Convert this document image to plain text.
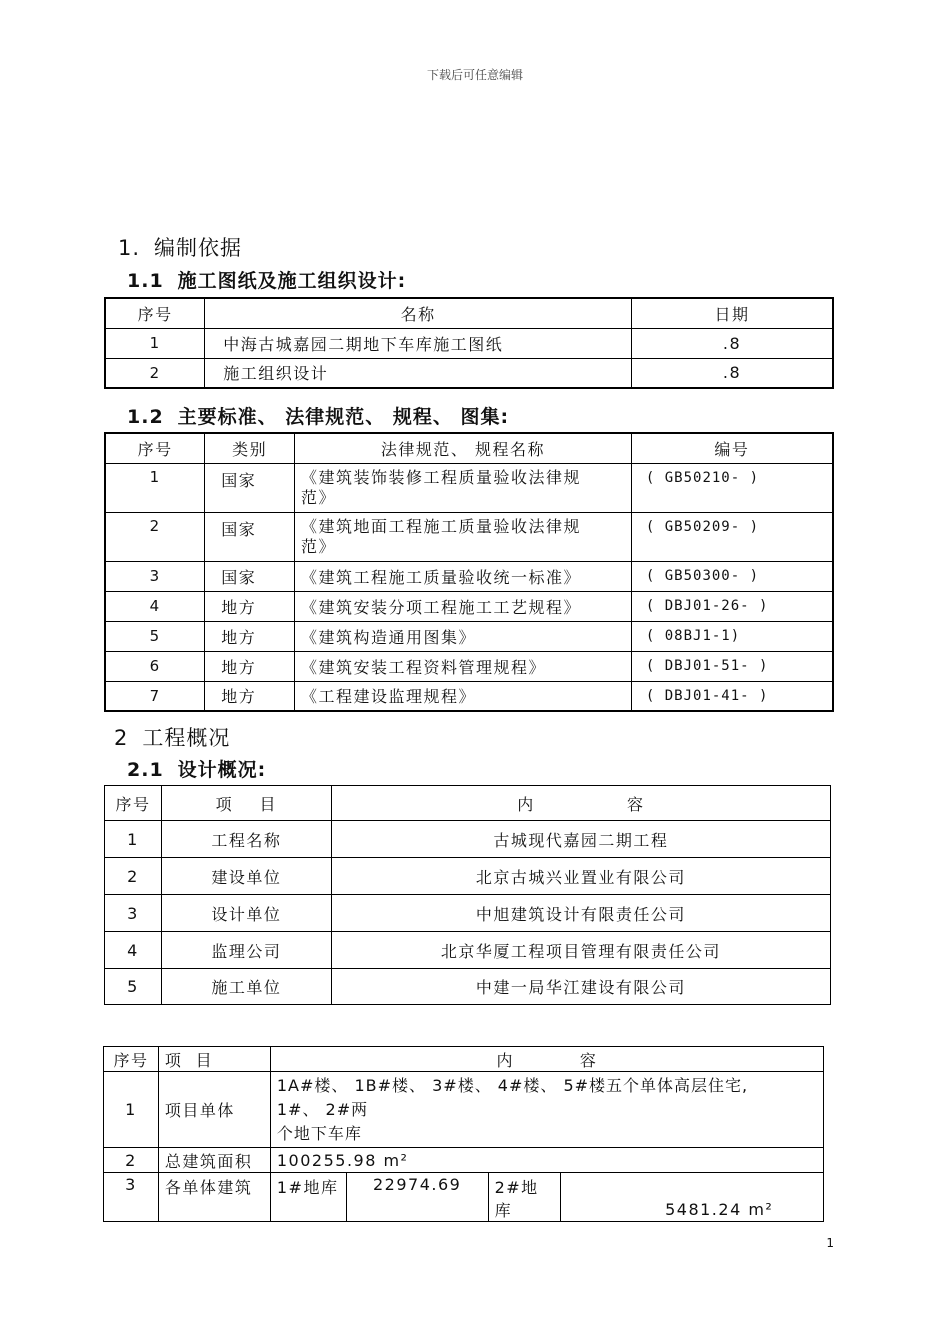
下载后可任意编辑
1. 编制依据
1.1 施工图纸及施工组织设计:
序号	名称	日期
1	中海古城嘉园二期地下车库施工图纸	.8
2	施工组织设计	.8
1.2 主要标准、 法律规范、 规程、 图集:
序号	类别	法律规范、 规程名称	编号
1	国家	《建筑装饰装修工程质量验收法律规
范》	( GB50210- )
2	国家	《建筑地面工程施工质量验收法律规
范》	( GB50209- )
3	国家	《建筑工程施工质量验收统一标准》	( GB50300- )
4	地方	《建筑安装分项工程施工工艺规程》	( DBJ01-26- )
5	地方	《建筑构造通用图集》	( 08BJ1-1)
6	地方	《建筑安装工程资料管理规程》	( DBJ01-51- )
7	地方	《工程建设监理规程》	( DBJ01-41- )
2 工程概况
2.1 设计概况:
序号	项    目	内              容
1	工程名称	古城现代嘉园二期工程
2	建设单位	北京古城兴业置业有限公司
3	设计单位	中旭建筑设计有限责任公司
4	监理公司	北京华厦工程项目管理有限责任公司
5	施工单位	中建一局华江建设有限公司
序号	项  目	内          容			
1	项目单体	1A#楼、 1B#楼、 3#楼、 4#楼、 5#楼五个单体高层住宅,
1#、 2#两
个地下车库			

2	总建筑面积	100255.98 m²			
3	各单体建筑	1#地库	22974.69	2#地库	5481.24 m²
1
